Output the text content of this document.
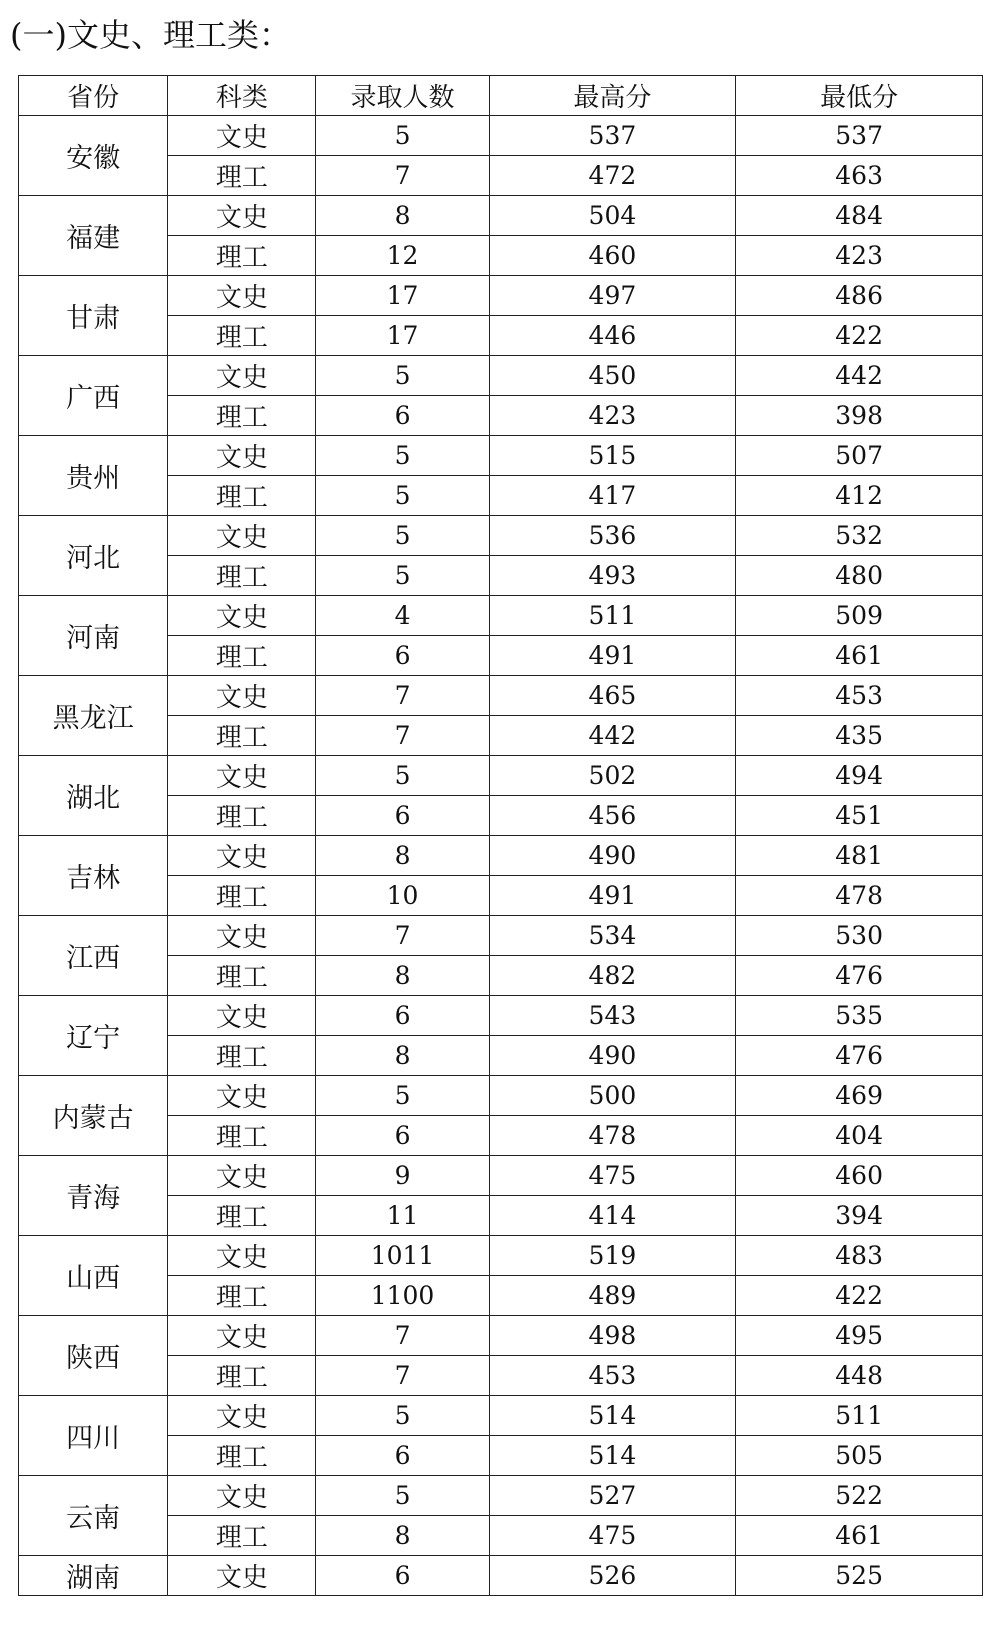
(一)文史、理工类：
省份	科类	录取人数	最高分	最低分
安徽	文史	5	537	537
	理工	7	472	463
福建	文史	8	504	484
	理工	12	460	423
甘肃	文史	17	497	486
	理工	17	446	422
广西	文史	5	450	442
	理工	6	423	398
贵州	文史	5	515	507
	理工	5	417	412
河北	文史	5	536	532
	理工	5	493	480
河南	文史	4	511	509
	理工	6	491	461
黑龙江	文史	7	465	453
	理工	7	442	435
湖北	文史	5	502	494
	理工	6	456	451
吉林	文史	8	490	481
	理工	10	491	478
江西	文史	7	534	530
	理工	8	482	476
辽宁	文史	6	543	535
	理工	8	490	476
内蒙古	文史	5	500	469
	理工	6	478	404
青海	文史	9	475	460
	理工	11	414	394
山西	文史	1011	519	483
	理工	1100	489	422
陕西	文史	7	498	495
	理工	7	453	448
四川	文史	5	514	511
	理工	6	514	505
云南	文史	5	527	522
	理工	8	475	461
湖南	文史	6	526	525
